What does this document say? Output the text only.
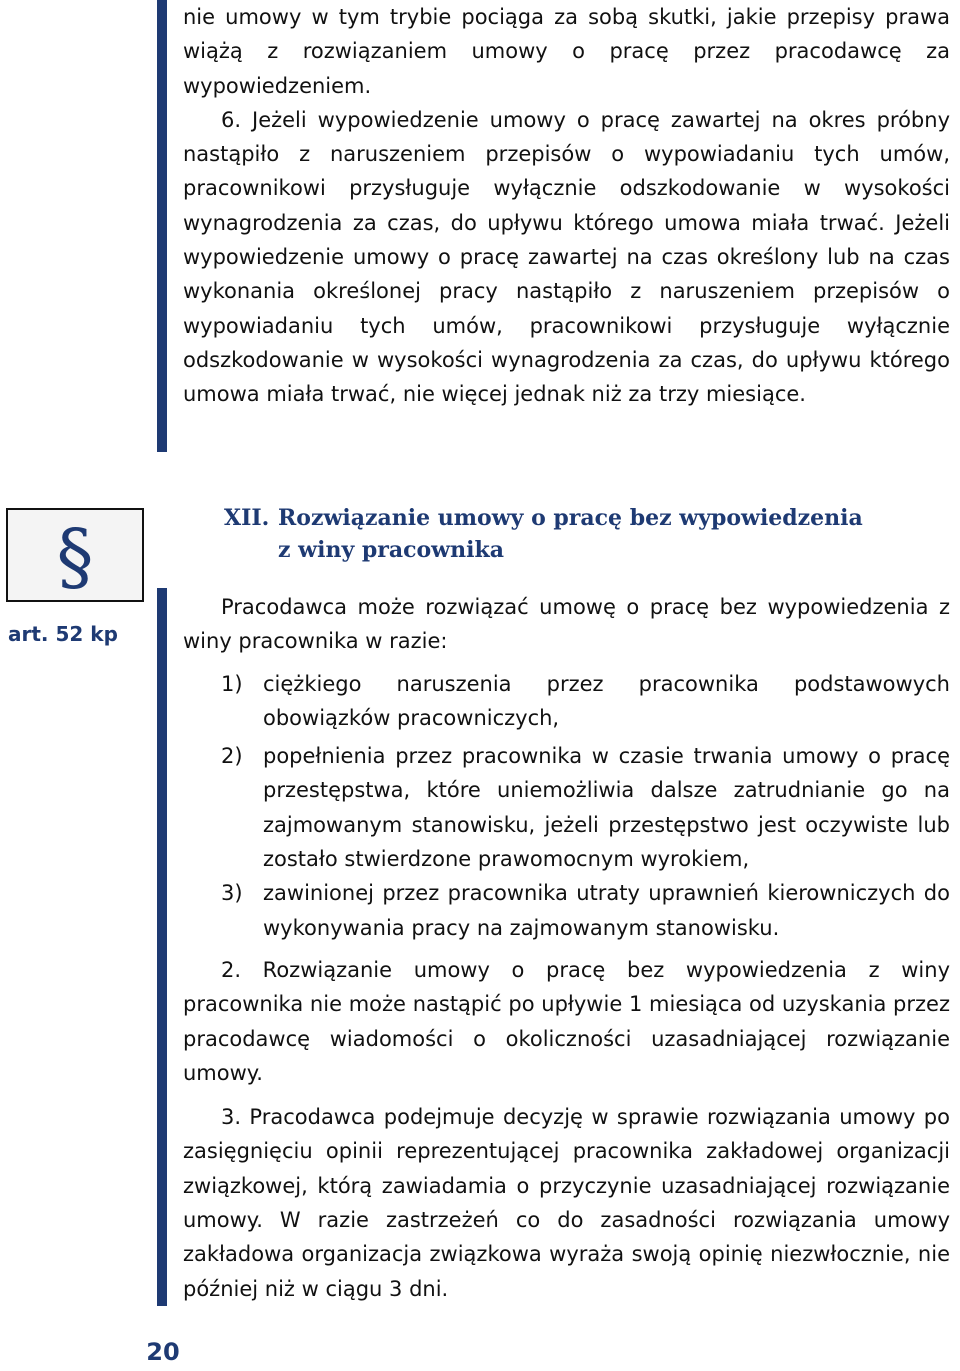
nie umowy w tym trybie pociąga za sobą skutki, jakie przepisy prawa wiążą z rozwiązaniem umowy o pracę przez pracodawcę za wypowiedzeniem.

6. Jeżeli wypowiedzenie umowy o pracę zawartej na okres próbny nastąpiło z naruszeniem przepisów o wypowiadaniu tych umów, pracownikowi przysługuje wyłącznie odszkodowanie w wysokości wynagrodzenia za czas, do upływu którego umowa miała trwać. Jeżeli wypowiedzenie umowy o pracę zawartej na czas określony lub na czas wykonania określonej pracy nastąpiło z naruszeniem przepisów o wypowiadaniu tych umów, pracownikowi przysługuje wyłącznie odszkodowanie w wysokości wynagrodzenia za czas, do upływu którego umowa miała trwać, nie więcej jednak niż za trzy miesiące.

§

art. 52 kp

XII. Rozwiązanie umowy o pracę bez wypowiedzenia
z winy pracownika

Pracodawca może rozwiązać umowę o pracę bez wypowiedzenia z winy pracownika w razie:

1) ciężkiego naruszenia przez pracownika podstawowych obowiązków pracowniczych,
2) popełnienia przez pracownika w czasie trwania umowy o pracę przestępstwa, które uniemożliwia dalsze zatrudnianie go na zajmowanym stanowisku, jeżeli przestępstwo jest oczywiste lub zostało stwierdzone prawomocnym wyrokiem,
3) zawinionej przez pracownika utraty uprawnień kierowniczych do wykonywania pracy na zajmowanym stanowisku.

2. Rozwiązanie umowy o pracę bez wypowiedzenia z winy pracownika nie może nastąpić po upływie 1 miesiąca od uzyskania przez pracodawcę wiadomości o okoliczności uzasadniającej rozwiązanie umowy.

3. Pracodawca podejmuje decyzję w sprawie rozwiązania umowy po zasięgnięciu opinii reprezentującej pracownika zakładowej organizacji związkowej, którą zawiadamia o przyczynie uzasadniającej rozwiązanie umowy. W razie zastrzeżeń co do zasadności rozwiązania umowy zakładowa organizacja związkowa wyraża swoją opinię niezwłocznie, nie później niż w ciągu 3 dni.

20
